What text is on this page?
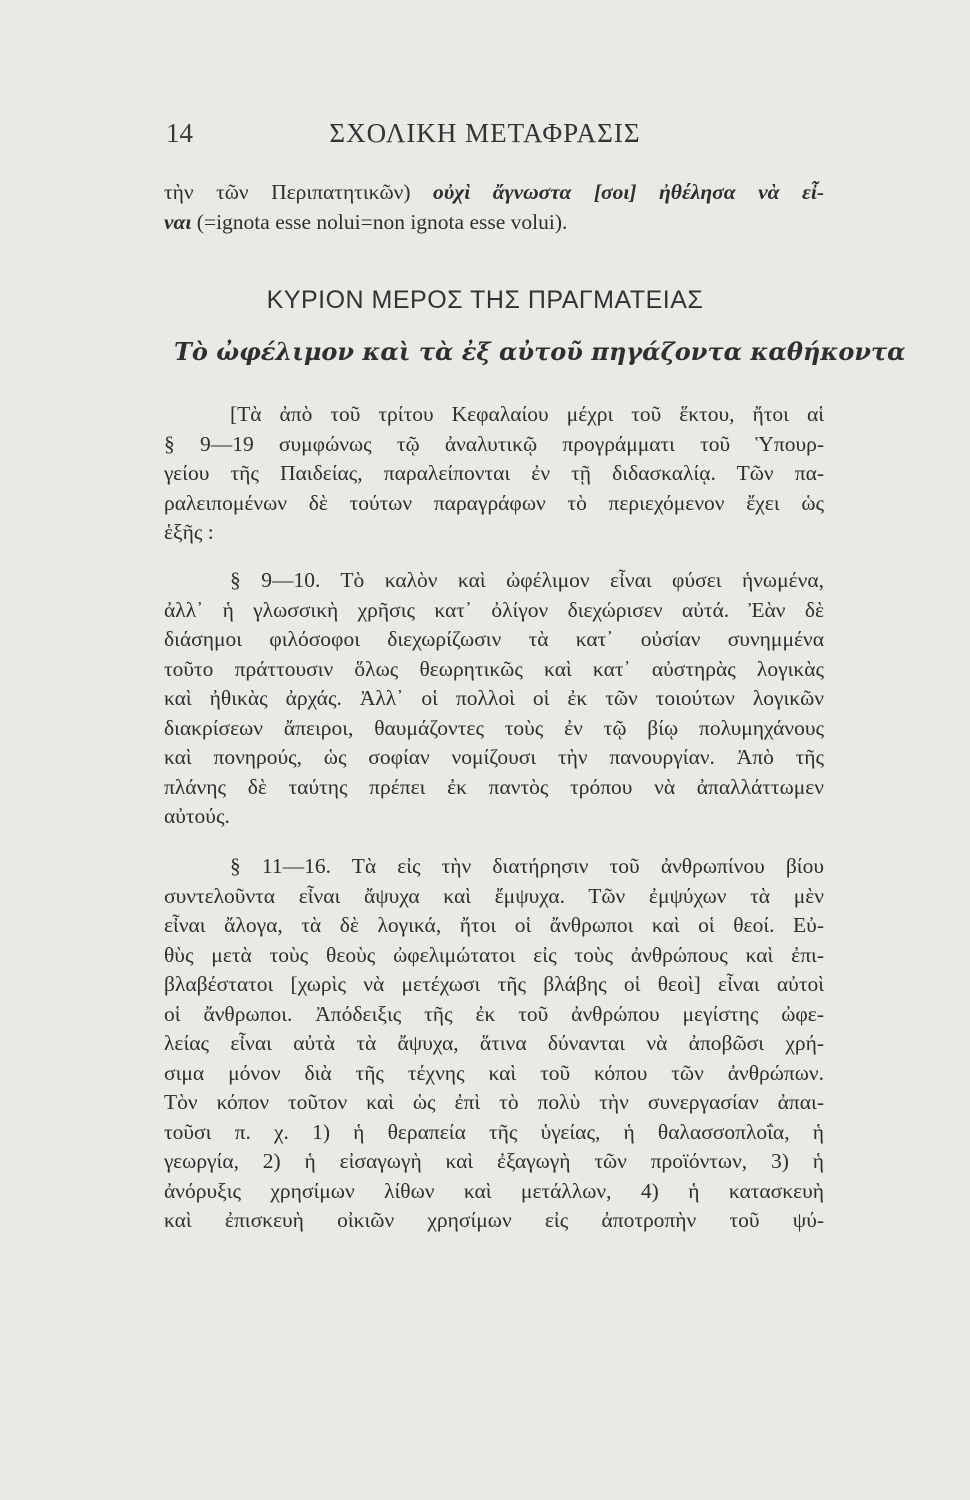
14	ΣΧΟΛΙΚΗ ΜΕΤΑΦΡΑΣΙΣ
τὴν τῶν Περιπατητικῶν) οὐχὶ ἄγνωστα [σοι] ἠθέλησα νὰ εἶ-
ναι (=ignota esse nolui=non ignota esse volui).
ΚΥΡΙΟΝ ΜΕΡΟΣ ΤΗΣ ΠΡΑΓΜΑΤΕΙΑΣ
Τὸ ὠφέλιμον καὶ τὰ ἐξ αὐτοῦ πηγάζοντα καθήκοντα
[Τὰ ἀπὸ τοῦ τρίτου Κεφαλαίου μέχρι τοῦ ἕκτου, ἤτοι αἱ
§ 9—19 συμφώνως τῷ ἀναλυτικῷ προγράμματι τοῦ Ὑπουρ-
γείου τῆς Παιδείας, παραλείπονται ἐν τῇ διδασκαλίᾳ. Τῶν πα-
ραλειπομένων δὲ τούτων παραγράφων τὸ περιεχόμενον ἔχει ὡς
ἑξῆς :
§ 9—10. Τὸ καλὸν καὶ ὠφέλιμον εἶναι φύσει ἡνωμένα,
ἀλλ᾽ ἡ γλωσσικὴ χρῆσις κατ᾽ ὀλίγον διεχώρισεν αὐτά. Ἐὰν δὲ
διάσημοι φιλόσοφοι διεχωρίζωσιν τὰ κατ᾽ οὐσίαν συνημμένα
τοῦτο πράττουσιν ὅλως θεωρητικῶς καὶ κατ᾽ αὐστηρὰς λογικὰς
καὶ ἠθικὰς ἀρχάς. Ἀλλ᾽ οἱ πολλοὶ οἱ ἐκ τῶν τοιούτων λογικῶν
διακρίσεων ἄπειροι, θαυμάζοντες τοὺς ἐν τῷ βίῳ πολυμηχάνους
καὶ πονηρούς, ὡς σοφίαν νομίζουσι τὴν πανουργίαν. Ἀπὸ τῆς
πλάνης δὲ ταύτης πρέπει ἐκ παντὸς τρόπου νὰ ἀπαλλάττωμεν
αὐτούς.
§ 11—16. Τὰ εἰς τὴν διατήρησιν τοῦ ἀνθρωπίνου βίου
συντελοῦντα εἶναι ἄψυχα καὶ ἔμψυχα. Τῶν ἐμψύχων τὰ μὲν
εἶναι ἄλογα, τὰ δὲ λογικά, ἤτοι οἱ ἄνθρωποι καὶ οἱ θεοί. Εὐ-
θὺς μετὰ τοὺς θεοὺς ὠφελιμώτατοι εἰς τοὺς ἀνθρώπους καὶ ἐπι-
βλαβέστατοι [χωρὶς νὰ μετέχωσι τῆς βλάβης οἱ θεοὶ] εἶναι αὐτοὶ
οἱ ἄνθρωποι. Ἀπόδειξις τῆς ἐκ τοῦ ἀνθρώπου μεγίστης ὠφε-
λείας εἶναι αὐτὰ τὰ ἄψυχα, ἅτινα δύνανται νὰ ἀποβῶσι χρή-
σιμα μόνον διὰ τῆς τέχνης καὶ τοῦ κόπου τῶν ἀνθρώπων.
Τὸν κόπον τοῦτον καὶ ὡς ἐπὶ τὸ πολὺ τὴν συνεργασίαν ἀπαι-
τοῦσι π. χ. 1) ἡ θεραπεία τῆς ὑγείας, ἡ θαλασσοπλοΐα, ἡ
γεωργία, 2) ἡ εἰσαγωγὴ καὶ ἐξαγωγὴ τῶν προϊόντων, 3) ἡ
ἀνόρυξις χρησίμων λίθων καὶ μετάλλων, 4) ἡ κατασκευὴ
καὶ ἐπισκευὴ οἰκιῶν χρησίμων εἰς ἀποτροπὴν τοῦ ψύ-
